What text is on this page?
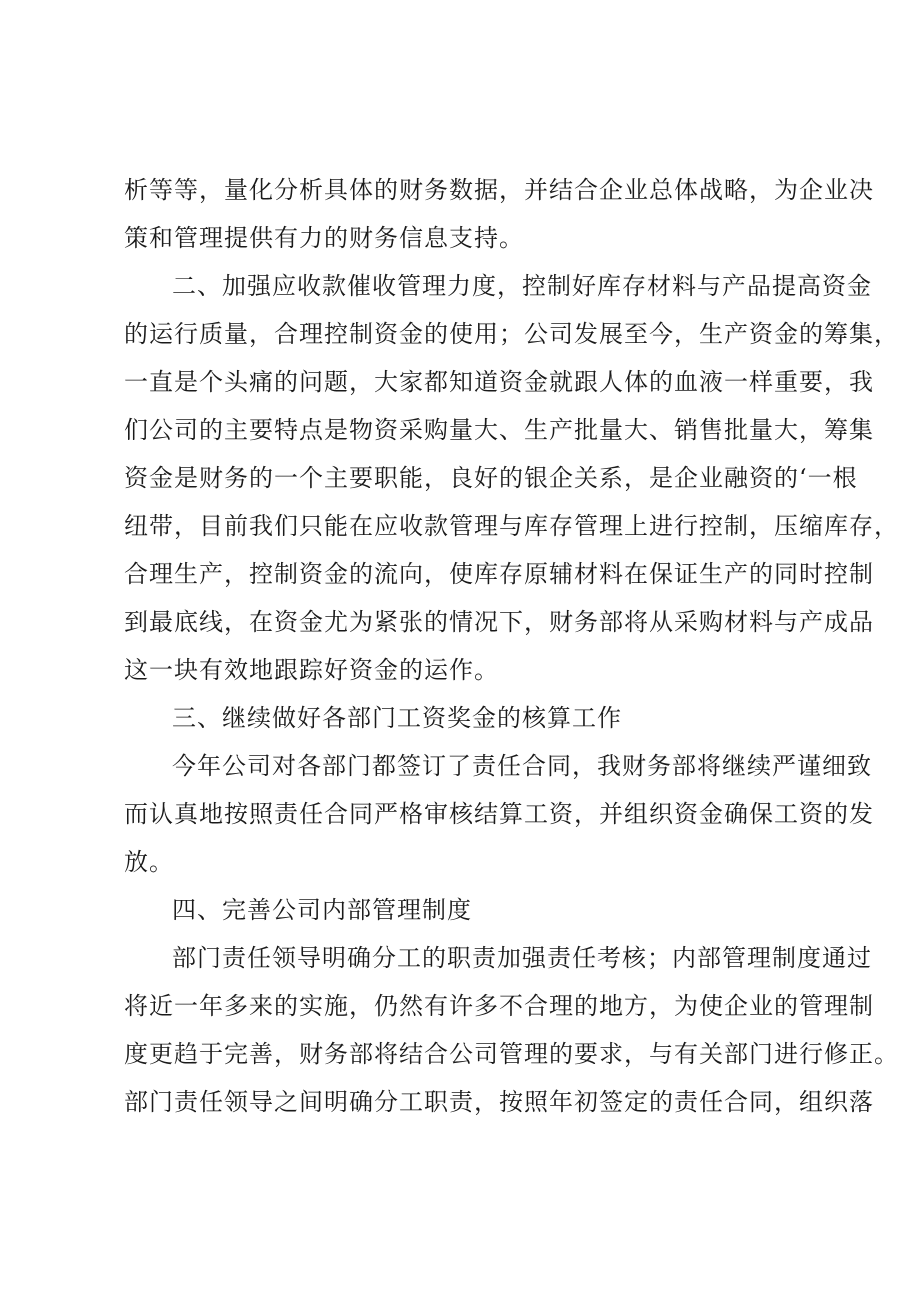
析等等，量化分析具体的财务数据，并结合企业总体战略，为企业决
策和管理提供有力的财务信息支持。
二、加强应收款催收管理力度，控制好库存材料与产品提高资金
的运行质量，合理控制资金的使用；公司发展至今，生产资金的筹集，
一直是个头痛的问题，大家都知道资金就跟人体的血液一样重要，我
们公司的主要特点是物资采购量大、生产批量大、销售批量大，筹集
资金是财务的一个主要职能，良好的银企关系，是企业融资的‘一根
纽带，目前我们只能在应收款管理与库存管理上进行控制，压缩库存，
合理生产，控制资金的流向，使库存原辅材料在保证生产的同时控制
到最底线，在资金尤为紧张的情况下，财务部将从采购材料与产成品
这一块有效地跟踪好资金的运作。
三、继续做好各部门工资奖金的核算工作
今年公司对各部门都签订了责任合同，我财务部将继续严谨细致
而认真地按照责任合同严格审核结算工资，并组织资金确保工资的发
放。
四、完善公司内部管理制度
部门责任领导明确分工的职责加强责任考核；内部管理制度通过
将近一年多来的实施，仍然有许多不合理的地方，为使企业的管理制
度更趋于完善，财务部将结合公司管理的要求，与有关部门进行修正。
部门责任领导之间明确分工职责，按照年初签定的责任合同，组织落
